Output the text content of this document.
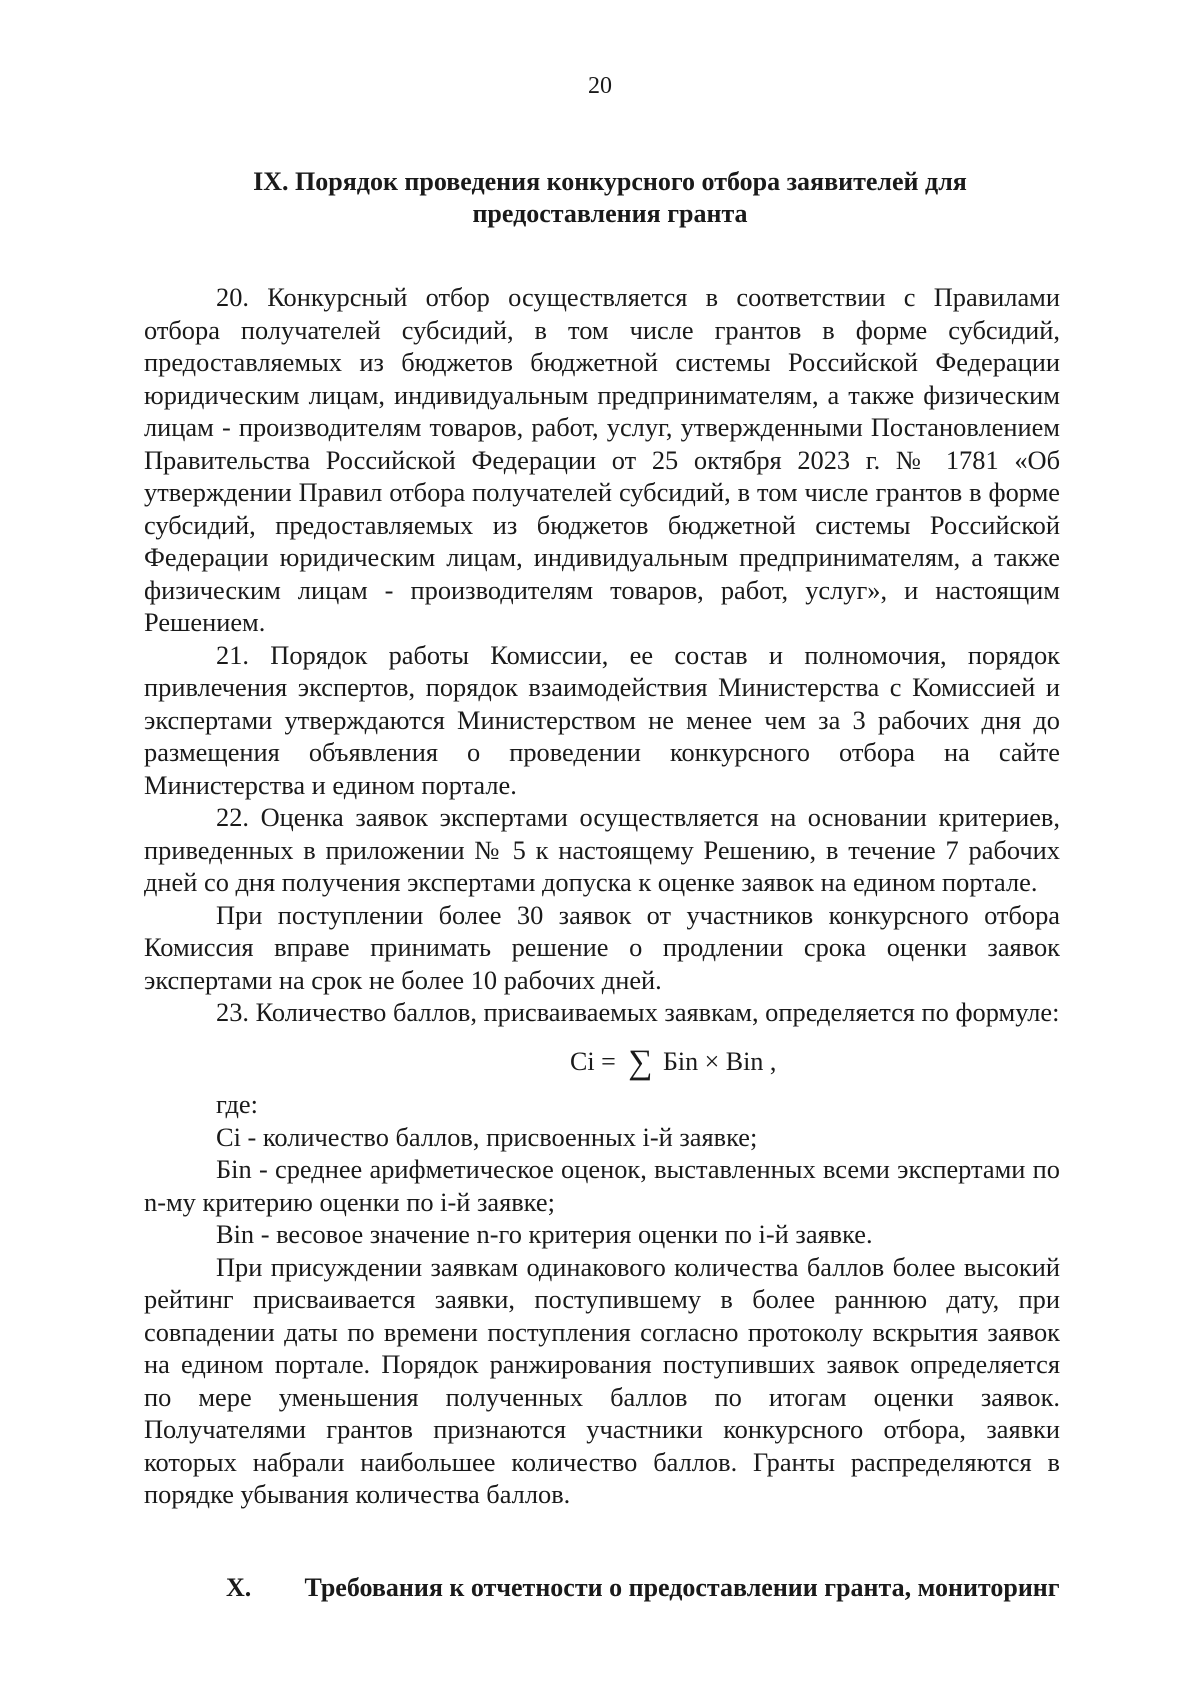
20
IX. Порядок проведения конкурсного отбора заявителей для
предоставления гранта

20. Конкурсный отбор осуществляется в соответствии с Правилами отбора получателей субсидий, в том числе грантов в форме субсидий, предоставляемых из бюджетов бюджетной системы Российской Федерации юридическим лицам, индивидуальным предпринимателям, а также физическим лицам - производителям товаров, работ, услуг, утвержденными Постановлением Правительства Российской Федерации от 25 октября 2023 г. № 1781 «Об утверждении Правил отбора получателей субсидий, в том числе грантов в форме субсидий, предоставляемых из бюджетов бюджетной системы Российской Федерации юридическим лицам, индивидуальным предпринимателям, а также физическим лицам - производителям товаров, работ, услуг», и настоящим Решением.

21. Порядок работы Комиссии, ее состав и полномочия, порядок привлечения экспертов, порядок взаимодействия Министерства с Комиссией и экспертами утверждаются Министерством не менее чем за 3 рабочих дня до размещения объявления о проведении конкурсного отбора на сайте Министерства и едином портале.

22. Оценка заявок экспертами осуществляется на основании критериев, приведенных в приложении № 5 к настоящему Решению, в течение 7 рабочих дней со дня получения экспертами допуска к оценке заявок на едином портале.

При поступлении более 30 заявок от участников конкурсного отбора Комиссия вправе принимать решение о продлении срока оценки заявок экспертами на срок не более 10 рабочих дней.

23. Количество баллов, присваиваемых заявкам, определяется по формуле:

Ci = ∑ Бin × Bin ,

где:

Ci - количество баллов, присвоенных i-й заявке;

Бin - среднее арифметическое оценок, выставленных всеми экспертами по n-му критерию оценки по i-й заявке;

Bin - весовое значение n-го критерия оценки по i-й заявке.

При присуждении заявкам одинакового количества баллов более высокий рейтинг присваивается заявки, поступившему в более раннюю дату, при совпадении даты по времени поступления согласно протоколу вскрытия заявок на едином портале. Порядок ранжирования поступивших заявок определяется по мере уменьшения полученных баллов по итогам оценки заявок. Получателями грантов признаются участники конкурсного отбора, заявки которых набрали наибольшее количество баллов. Гранты распределяются в порядке убывания количества баллов.

X. Требования к отчетности о предоставлении гранта, мониторинг
